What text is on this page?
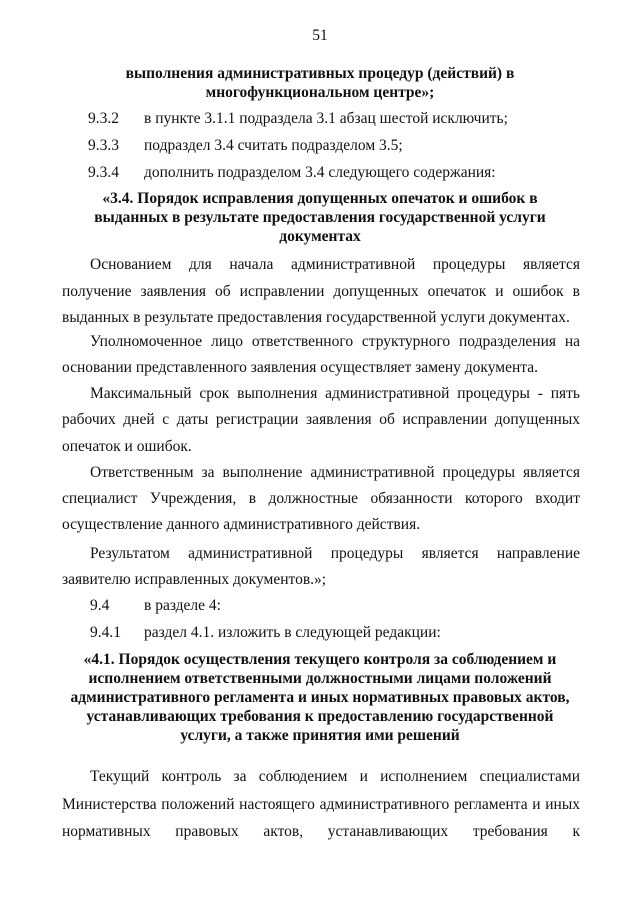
51
выполнения административных процедур (действий) в
многофункциональном центре»;
9.3.2 в пункте 3.1.1 подраздела 3.1 абзац шестой исключить;
9.3.3 подраздел 3.4 считать подразделом 3.5;
9.3.4 дополнить подразделом 3.4 следующего содержания:
«3.4. Порядок исправления допущенных опечаток и ошибок в
выданных в результате предоставления государственной услуги
документах
Основанием для начала административной процедуры является
получение заявления об исправлении допущенных опечаток и ошибок в
выданных в результате предоставления государственной услуги документах.
Уполномоченное лицо ответственного структурного подразделения на
основании представленного заявления осуществляет замену документа.
Максимальный срок выполнения административной процедуры - пять
рабочих дней с даты регистрации заявления об исправлении допущенных
опечаток и ошибок.
Ответственным за выполнение административной процедуры является
специалист Учреждения, в должностные обязанности которого входит
осуществление данного административного действия.
Результатом административной процедуры является направление
заявителю исправленных документов.»;
9.4 в разделе 4:
9.4.1 раздел 4.1. изложить в следующей редакции:
«4.1. Порядок осуществления текущего контроля за соблюдением и
исполнением ответственными должностными лицами положений
административного регламента и иных нормативных правовых актов,
устанавливающих требования к предоставлению государственной
услуги, а также принятия ими решений
Текущий контроль за соблюдением и исполнением специалистами
Министерства положений настоящего административного регламента и иных
нормативных правовых актов, устанавливающих требования к
